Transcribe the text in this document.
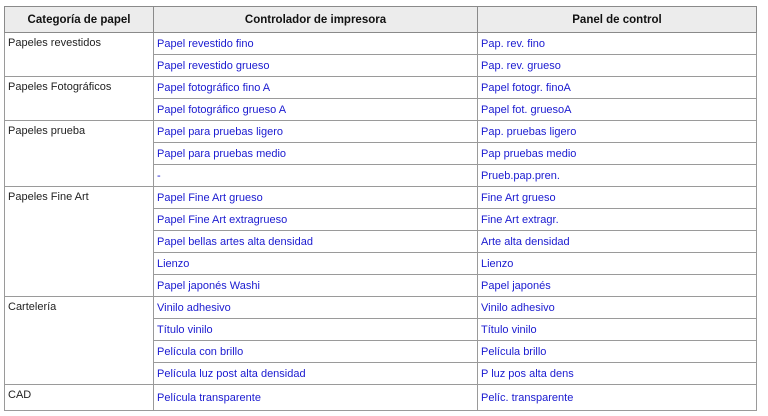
Categoría de papel	Controlador de impresora	Panel de control
Papeles revestidos	Papel revestido fino	Pap. rev. fino
	Papel revestido grueso	Pap. rev. grueso
Papeles Fotográficos	Papel fotográfico fino A	Papel fotogr. finoA
	Papel fotográfico grueso A	Papel fot. gruesoA
Papeles prueba	Papel para pruebas ligero	Pap. pruebas ligero
	Papel para pruebas medio	Pap pruebas medio
	-	Prueb.pap.pren.
Papeles Fine Art	Papel Fine Art grueso	Fine Art grueso
	Papel Fine Art extragrueso	Fine Art extragr.
	Papel bellas artes alta densidad	Arte alta densidad
	Lienzo	Lienzo
	Papel japonés Washi	Papel japonés
Cartelería	Vinilo adhesivo	Vinilo adhesivo
	Título vinilo	Título vinilo
	Película con brillo	Película brillo
	Película luz post alta densidad	P luz pos alta dens
CAD	Película transparente	Pelíc. transparente
